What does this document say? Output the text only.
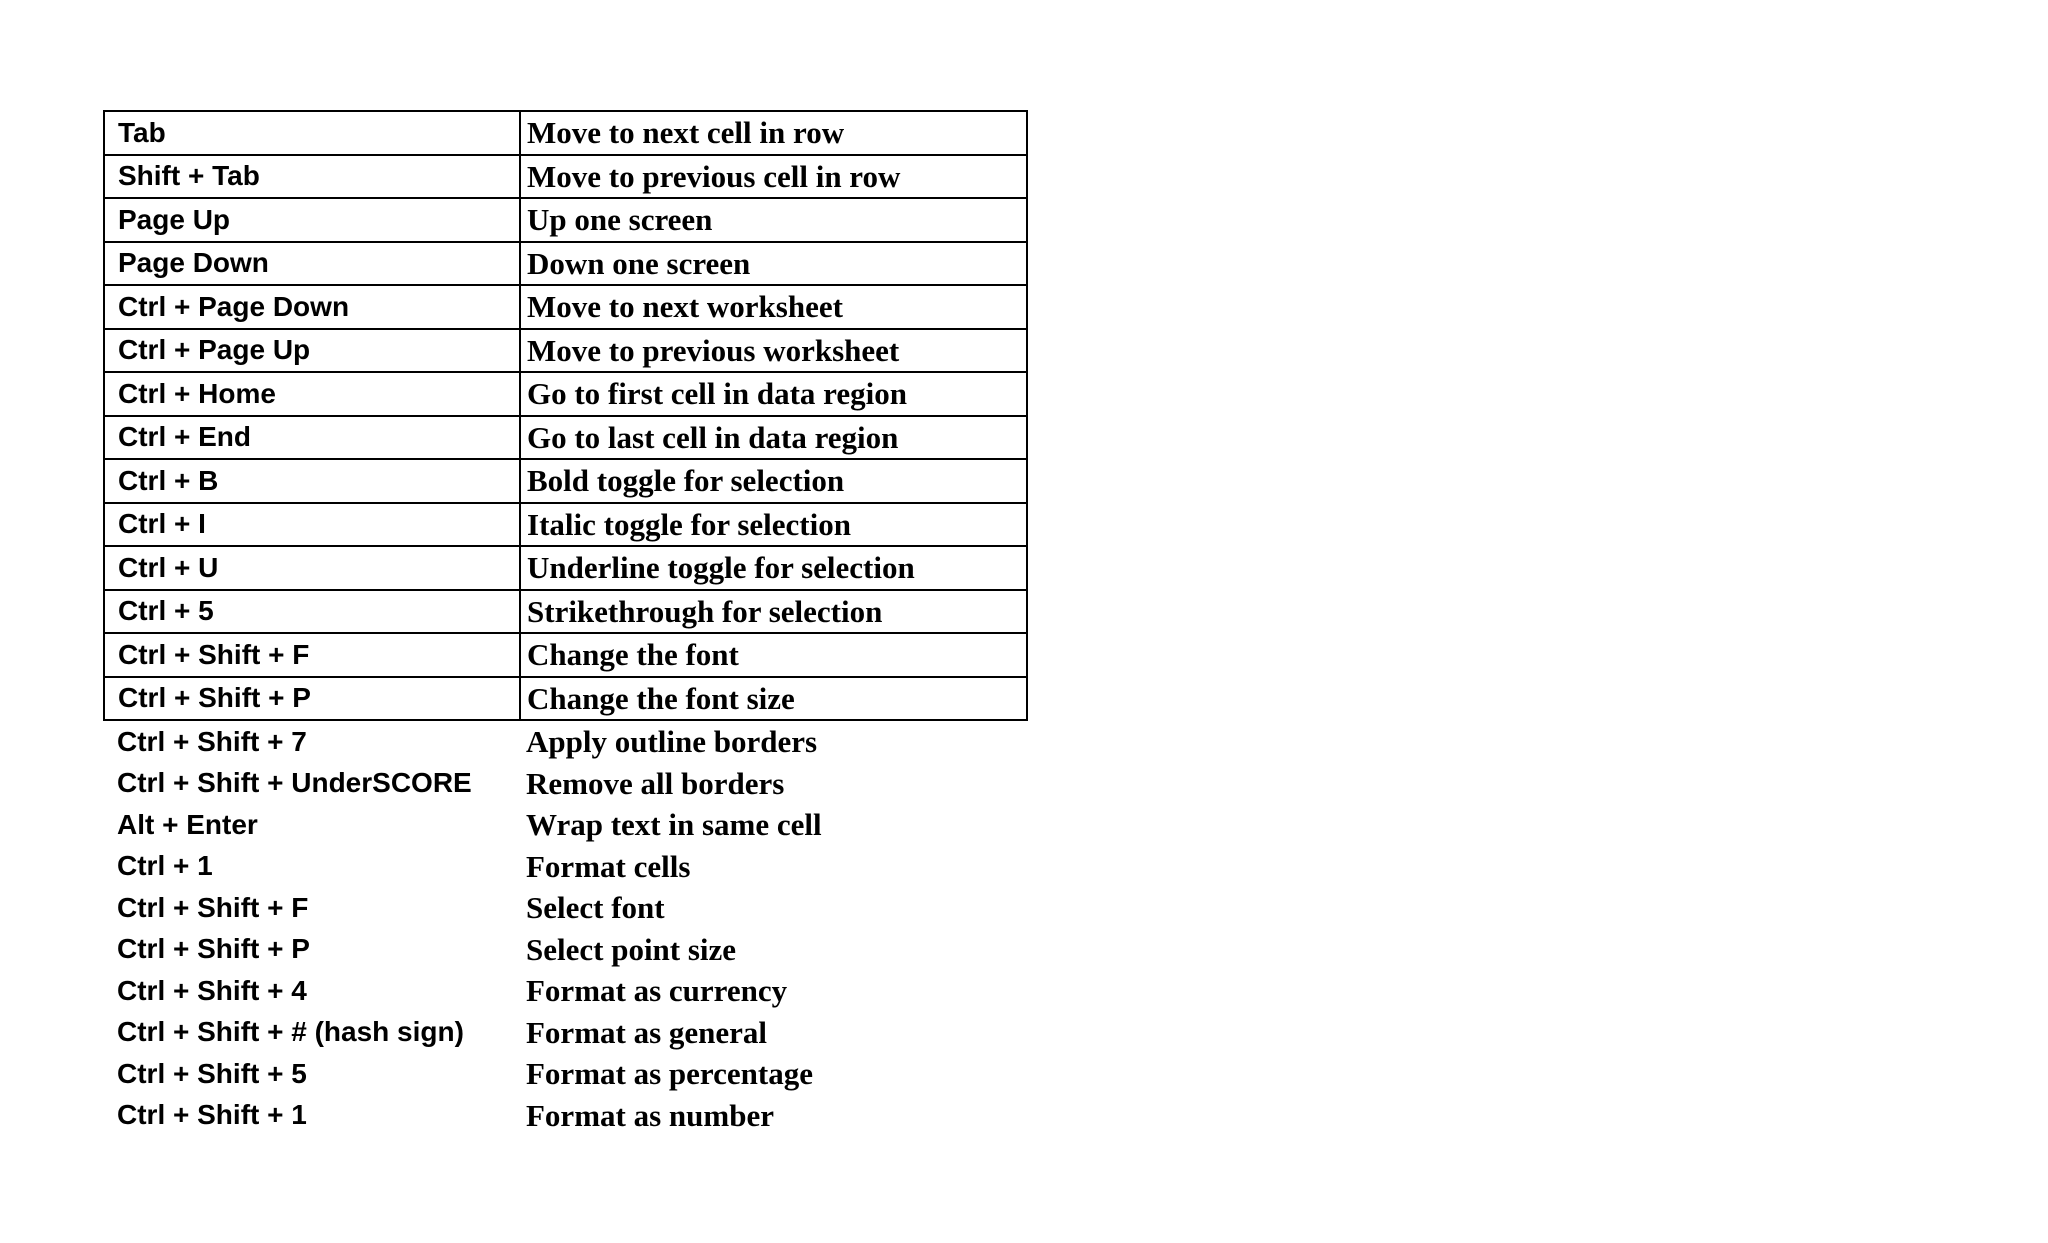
Tab	Move to next cell in row
Shift + Tab	Move to previous cell in row
Page Up	Up one screen
Page Down	Down one screen
Ctrl + Page Down	Move to next worksheet
Ctrl + Page Up	Move to previous worksheet
Ctrl + Home	Go to first cell in data region
Ctrl + End	Go to last cell in data region
Ctrl + B	Bold toggle for selection
Ctrl + I	Italic toggle for selection
Ctrl + U	Underline toggle for selection
Ctrl + 5	Strikethrough for selection
Ctrl + Shift + F	Change the font
Ctrl + Shift + P	Change the font size
Ctrl + Shift + 7	Apply outline borders
Ctrl + Shift + UnderSCORE	Remove all borders
Alt + Enter	Wrap text in same cell
Ctrl + 1	Format cells
Ctrl + Shift + F	Select font
Ctrl + Shift + P	Select point size
Ctrl + Shift + 4	Format as currency
Ctrl + Shift + # (hash sign)	Format as general
Ctrl + Shift + 5	Format as percentage
Ctrl + Shift + 1	Format as number
